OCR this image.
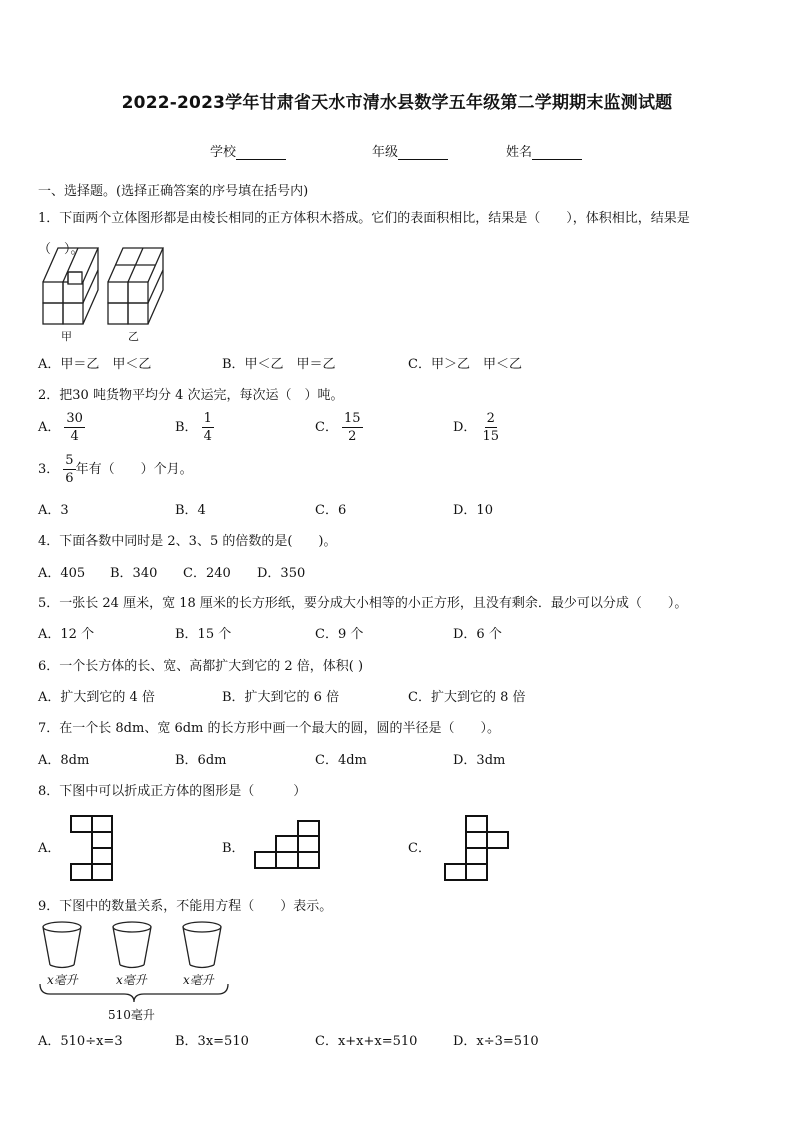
2022-2023学年甘肃省天水市清水县数学五年级第二学期期末监测试题
学校	年级	姓名
一、选择题。(选择正确答案的序号填在括号内)
1．下面两个立体图形都是由棱长相同的正方体积木搭成。它们的表面积相比，结果是（　　），体积相比，结果是
（　）。
甲	乙
A．甲＝乙　甲＜乙	B．甲＜乙　甲＝乙	C．甲＞乙　甲＜乙
2．把30 吨货物平均分 4 次运完，每次运（　）吨。
A． $\frac{30}{4}$	B． $\frac{1}{4}$	C． $\frac{15}{2}$	D． $\frac{2}{15}$
3． $\frac{5}{6}$ 年有（　　）个月。
A．3	B．4	C．6	D．10
4．下面各数中同时是 2、3、5 的倍数的是(　　)。
A．405 B．340 C．240 D．350
5．一张长 24 厘米，宽 18 厘米的长方形纸，要分成大小相等的小正方形，且没有剩余．最少可以分成（　　）。
A．12 个	B．15 个	C．9 个	D．6 个
6．一个长方体的长、宽、高都扩大到它的 2 倍，体积( )
A．扩大到它的 4 倍	B．扩大到它的 6 倍	C．扩大到它的 8 倍
7．在一个长 8dm、宽 6dm 的长方形中画一个最大的圆，圆的半径是（　　）。
A．8dm	B．6dm	C．4dm	D．3dm
8．下图中可以折成正方体的图形是（　　　）
A．	B．	C．
9．下图中的数量关系，不能用方程（　　）表示。
x毫升	x毫升	x毫升
510毫升
A．510÷x=3	B．3x=510	C．x+x+x=510	D．x÷3=510
